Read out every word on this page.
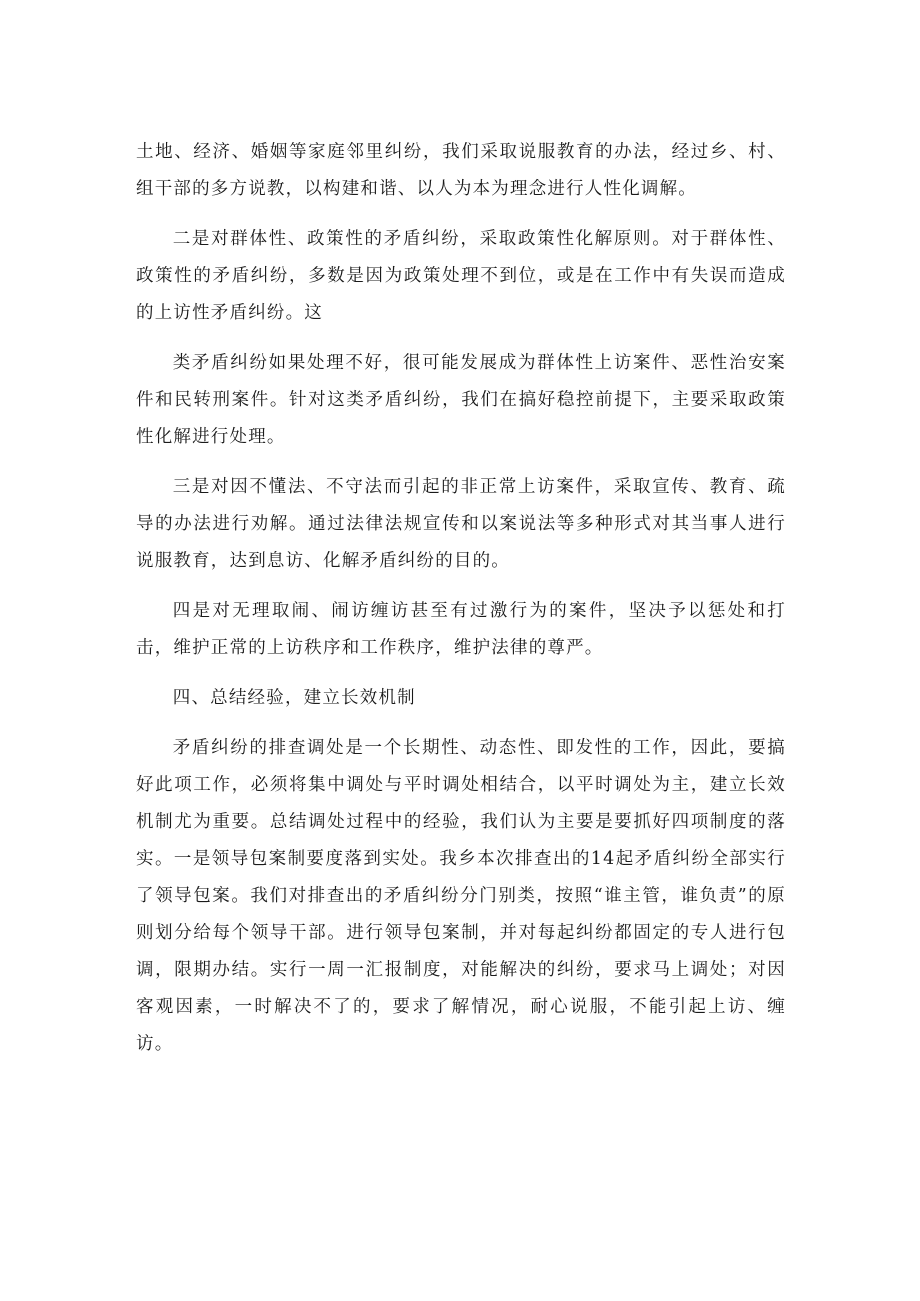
土地、经济、婚姻等家庭邻里纠纷，我们采取说服教育的办法，经过乡、村、组干部的多方说教，以构建和谐、以人为本为理念进行人性化调解。

二是对群体性、政策性的矛盾纠纷，采取政策性化解原则。对于群体性、政策性的矛盾纠纷，多数是因为政策处理不到位，或是在工作中有失误而造成的上访性矛盾纠纷。这

类矛盾纠纷如果处理不好，很可能发展成为群体性上访案件、恶性治安案件和民转刑案件。针对这类矛盾纠纷，我们在搞好稳控前提下，主要采取政策性化解进行处理。

三是对因不懂法、不守法而引起的非正常上访案件，采取宣传、教育、疏导的办法进行劝解。通过法律法规宣传和以案说法等多种形式对其当事人进行说服教育，达到息访、化解矛盾纠纷的目的。

四是对无理取闹、闹访缠访甚至有过激行为的案件，坚决予以惩处和打击，维护正常的上访秩序和工作秩序，维护法律的尊严。

四、总结经验，建立长效机制

矛盾纠纷的排查调处是一个长期性、动态性、即发性的工作，因此，要搞好此项工作，必须将集中调处与平时调处相结合，以平时调处为主，建立长效机制尤为重要。总结调处过程中的经验，我们认为主要是要抓好四项制度的落实。一是领导包案制要度落到实处。我乡本次排查出的14起矛盾纠纷全部实行了领导包案。我们对排查出的矛盾纠纷分门别类，按照“谁主管，谁负责”的原则划分给每个领导干部。进行领导包案制，并对每起纠纷都固定的专人进行包调，限期办结。实行一周一汇报制度，对能解决的纠纷，要求马上调处；对因客观因素，一时解决不了的，要求了解情况，耐心说服，不能引起上访、缠访。
